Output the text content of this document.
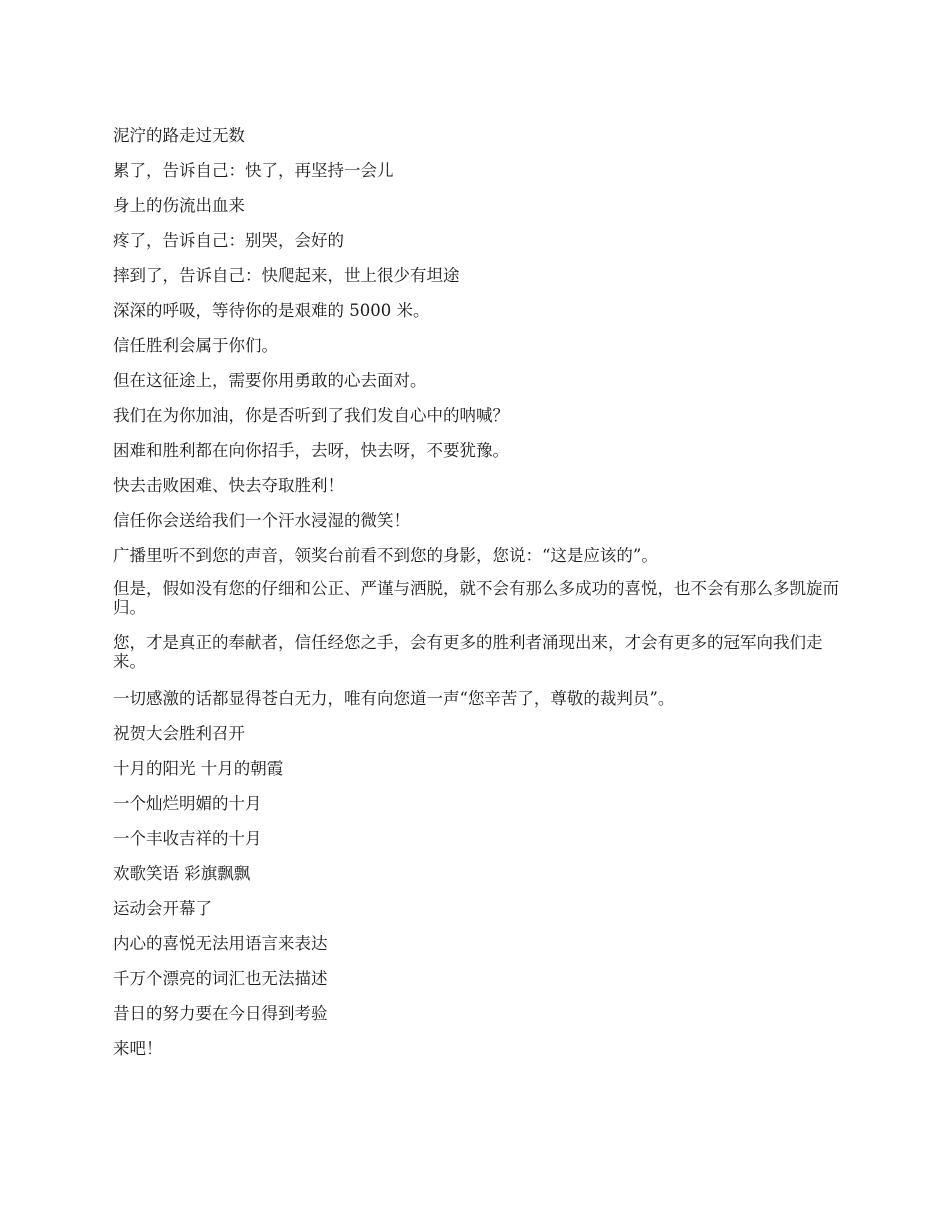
泥泞的路走过无数

累了，告诉自己：快了，再坚持一会儿

身上的伤流出血来

疼了，告诉自己：别哭，会好的

摔到了，告诉自己：快爬起来，世上很少有坦途

深深的呼吸，等待你的是艰难的 5000 米。

信任胜利会属于你们。

但在这征途上，需要你用勇敢的心去面对。

我们在为你加油，你是否听到了我们发自心中的呐喊？

困难和胜利都在向你招手，去呀，快去呀，不要犹豫。

快去击败困难、快去夺取胜利！

信任你会送给我们一个汗水浸湿的微笑！

广播里听不到您的声音，领奖台前看不到您的身影，您说：“这是应该的”。

但是，假如没有您的仔细和公正、严谨与洒脱，就不会有那么多成功的喜悦，也不会有那么多凯旋而归。

您，才是真正的奉献者，信任经您之手，会有更多的胜利者涌现出来，才会有更多的冠军向我们走来。

一切感激的话都显得苍白无力，唯有向您道一声“您辛苦了，尊敬的裁判员”。

祝贺大会胜利召开

十月的阳光 十月的朝霞

一个灿烂明媚的十月

一个丰收吉祥的十月

欢歌笑语 彩旗飘飘

运动会开幕了

内心的喜悦无法用语言来表达

千万个漂亮的词汇也无法描述

昔日的努力要在今日得到考验

来吧！
